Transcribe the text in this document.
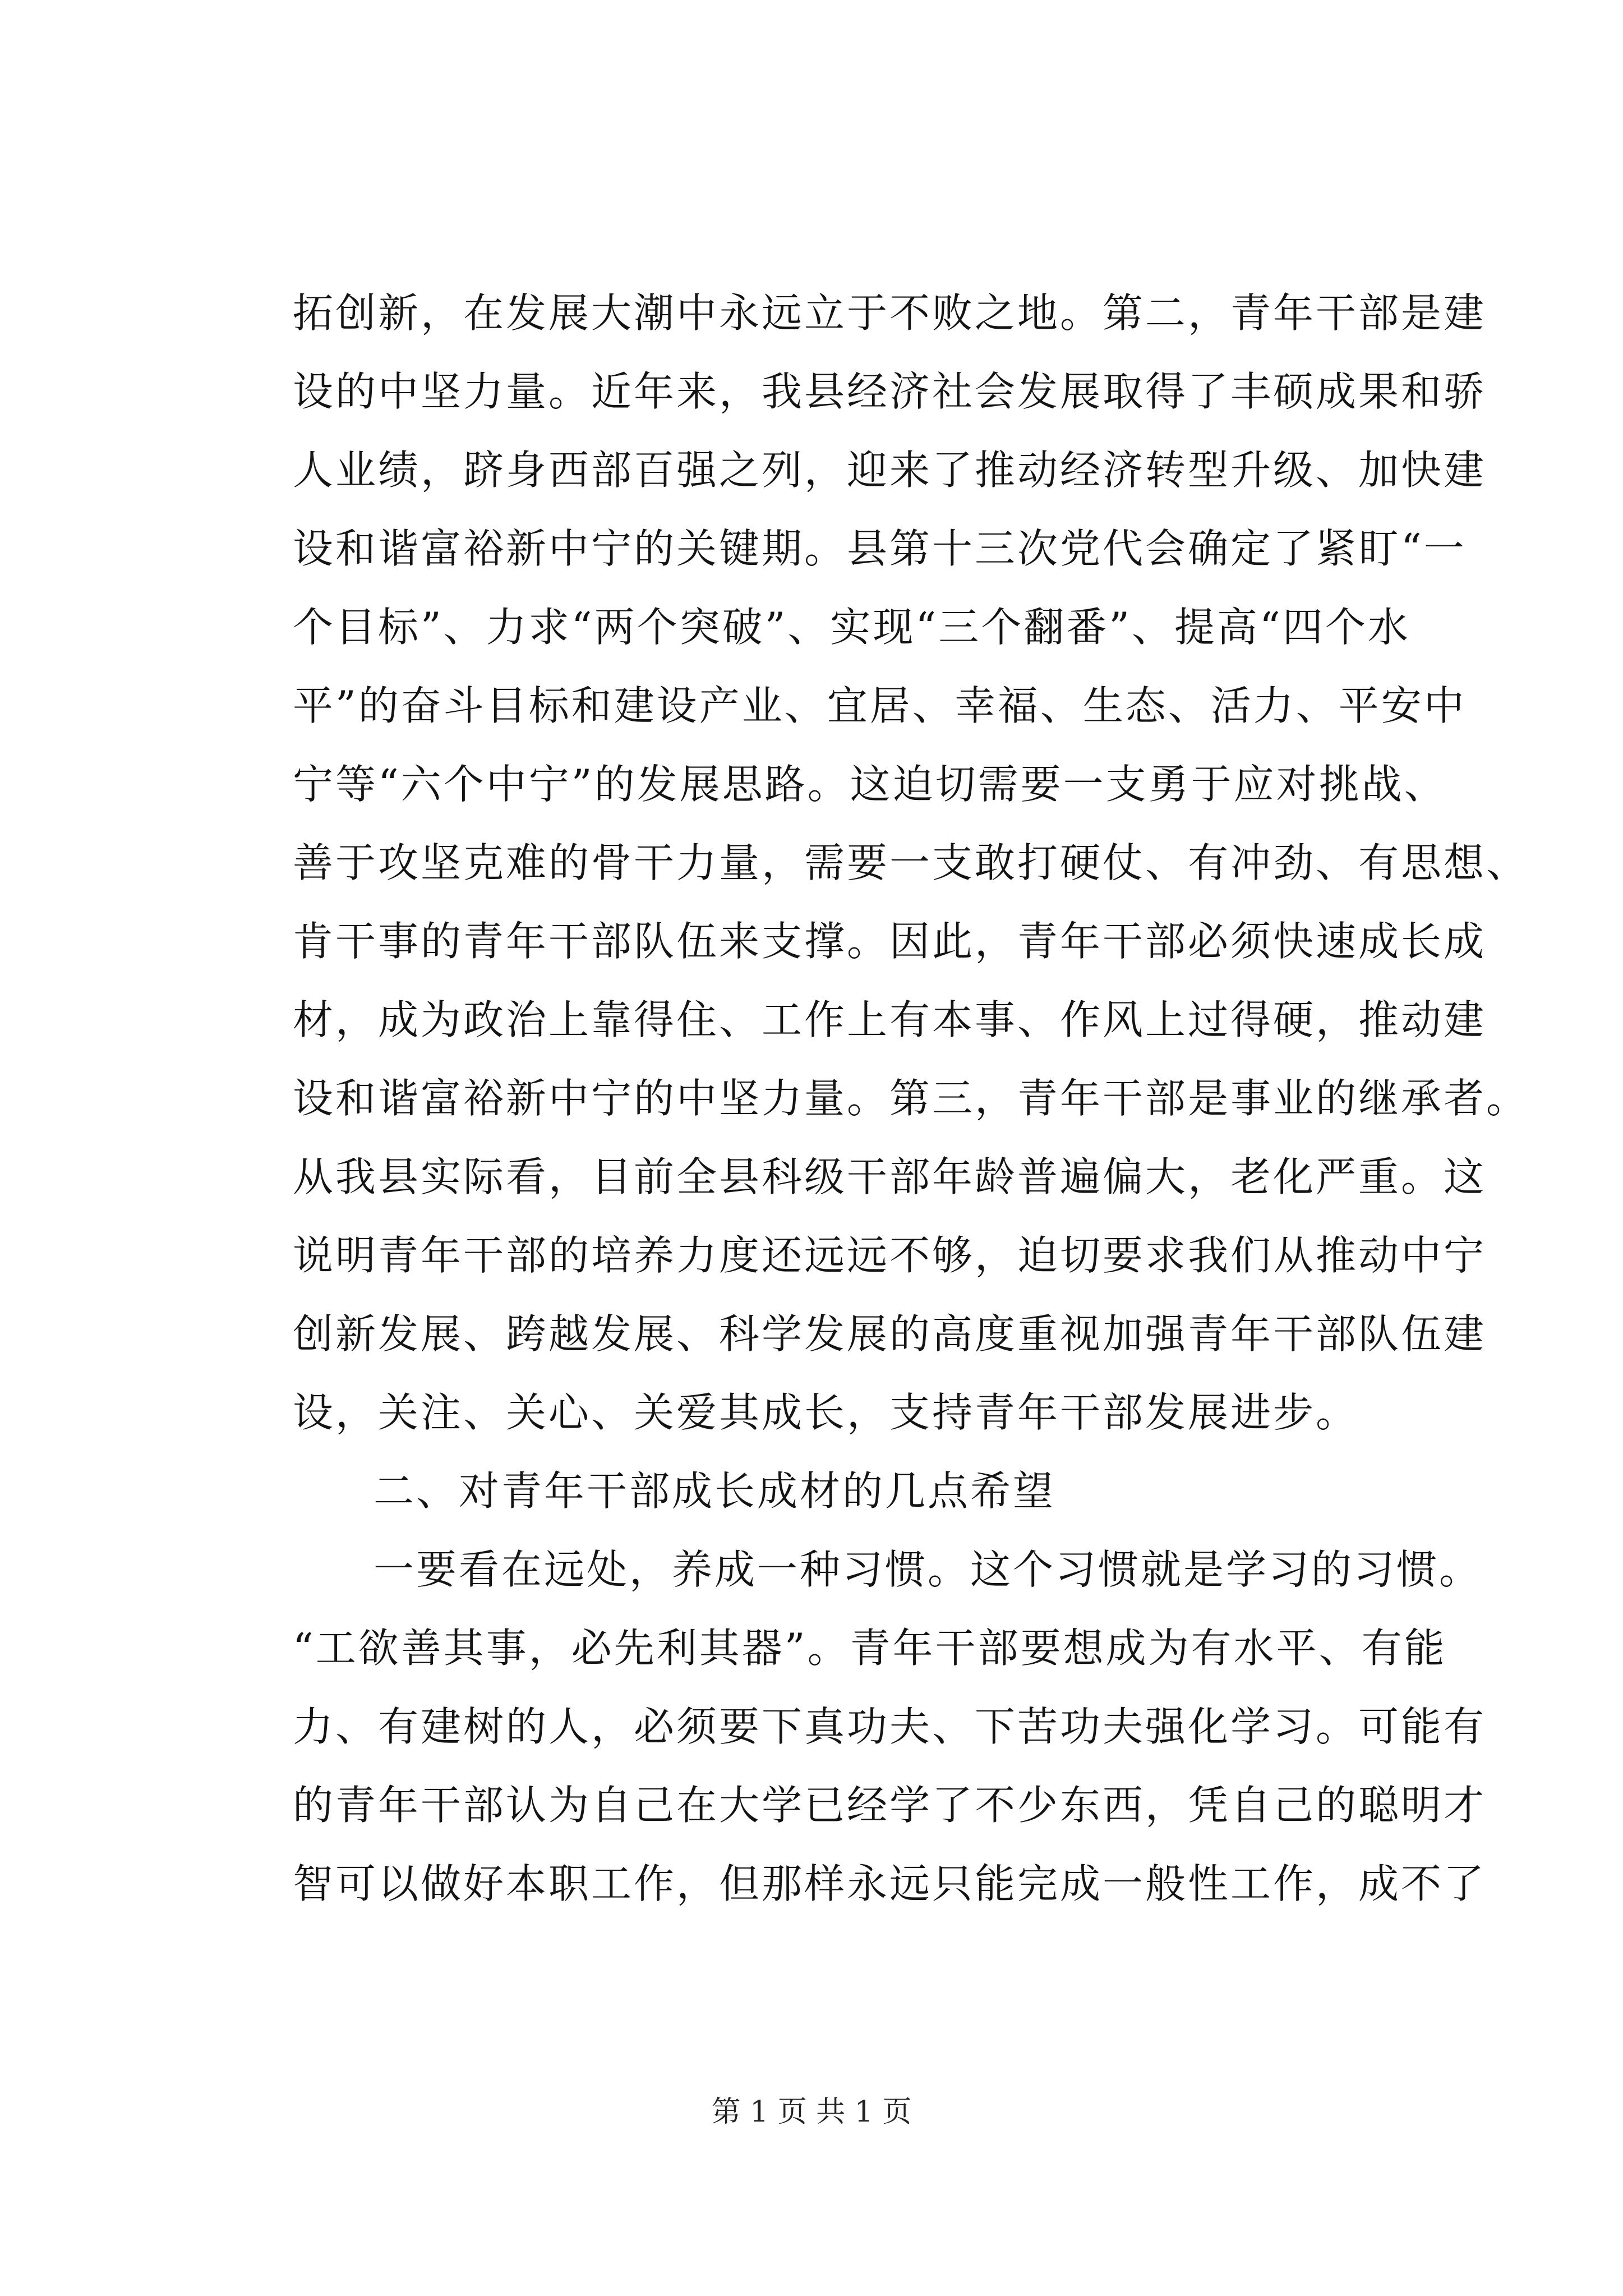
拓创新，在发展大潮中永远立于不败之地。第二，青年干部是建
设的中坚力量。近年来，我县经济社会发展取得了丰硕成果和骄
人业绩，跻身西部百强之列，迎来了推动经济转型升级、加快建
设和谐富裕新中宁的关键期。县第十三次党代会确定了紧盯“一
个目标”、力求“两个突破”、实现“三个翻番”、提高“四个水
平”的奋斗目标和建设产业、宜居、幸福、生态、活力、平安中
宁等“六个中宁”的发展思路。这迫切需要一支勇于应对挑战、
善于攻坚克难的骨干力量，需要一支敢打硬仗、有冲劲、有思想、
肯干事的青年干部队伍来支撑。因此，青年干部必须快速成长成
材，成为政治上靠得住、工作上有本事、作风上过得硬，推动建
设和谐富裕新中宁的中坚力量。第三，青年干部是事业的继承者。
从我县实际看，目前全县科级干部年龄普遍偏大，老化严重。这
说明青年干部的培养力度还远远不够，迫切要求我们从推动中宁
创新发展、跨越发展、科学发展的高度重视加强青年干部队伍建
设，关注、关心、关爱其成长，支持青年干部发展进步。
二、对青年干部成长成材的几点希望
一要看在远处，养成一种习惯。这个习惯就是学习的习惯。
“工欲善其事，必先利其器”。青年干部要想成为有水平、有能
力、有建树的人，必须要下真功夫、下苦功夫强化学习。可能有
的青年干部认为自己在大学已经学了不少东西，凭自己的聪明才
智可以做好本职工作，但那样永远只能完成一般性工作，成不了
第 1 页 共 1 页
